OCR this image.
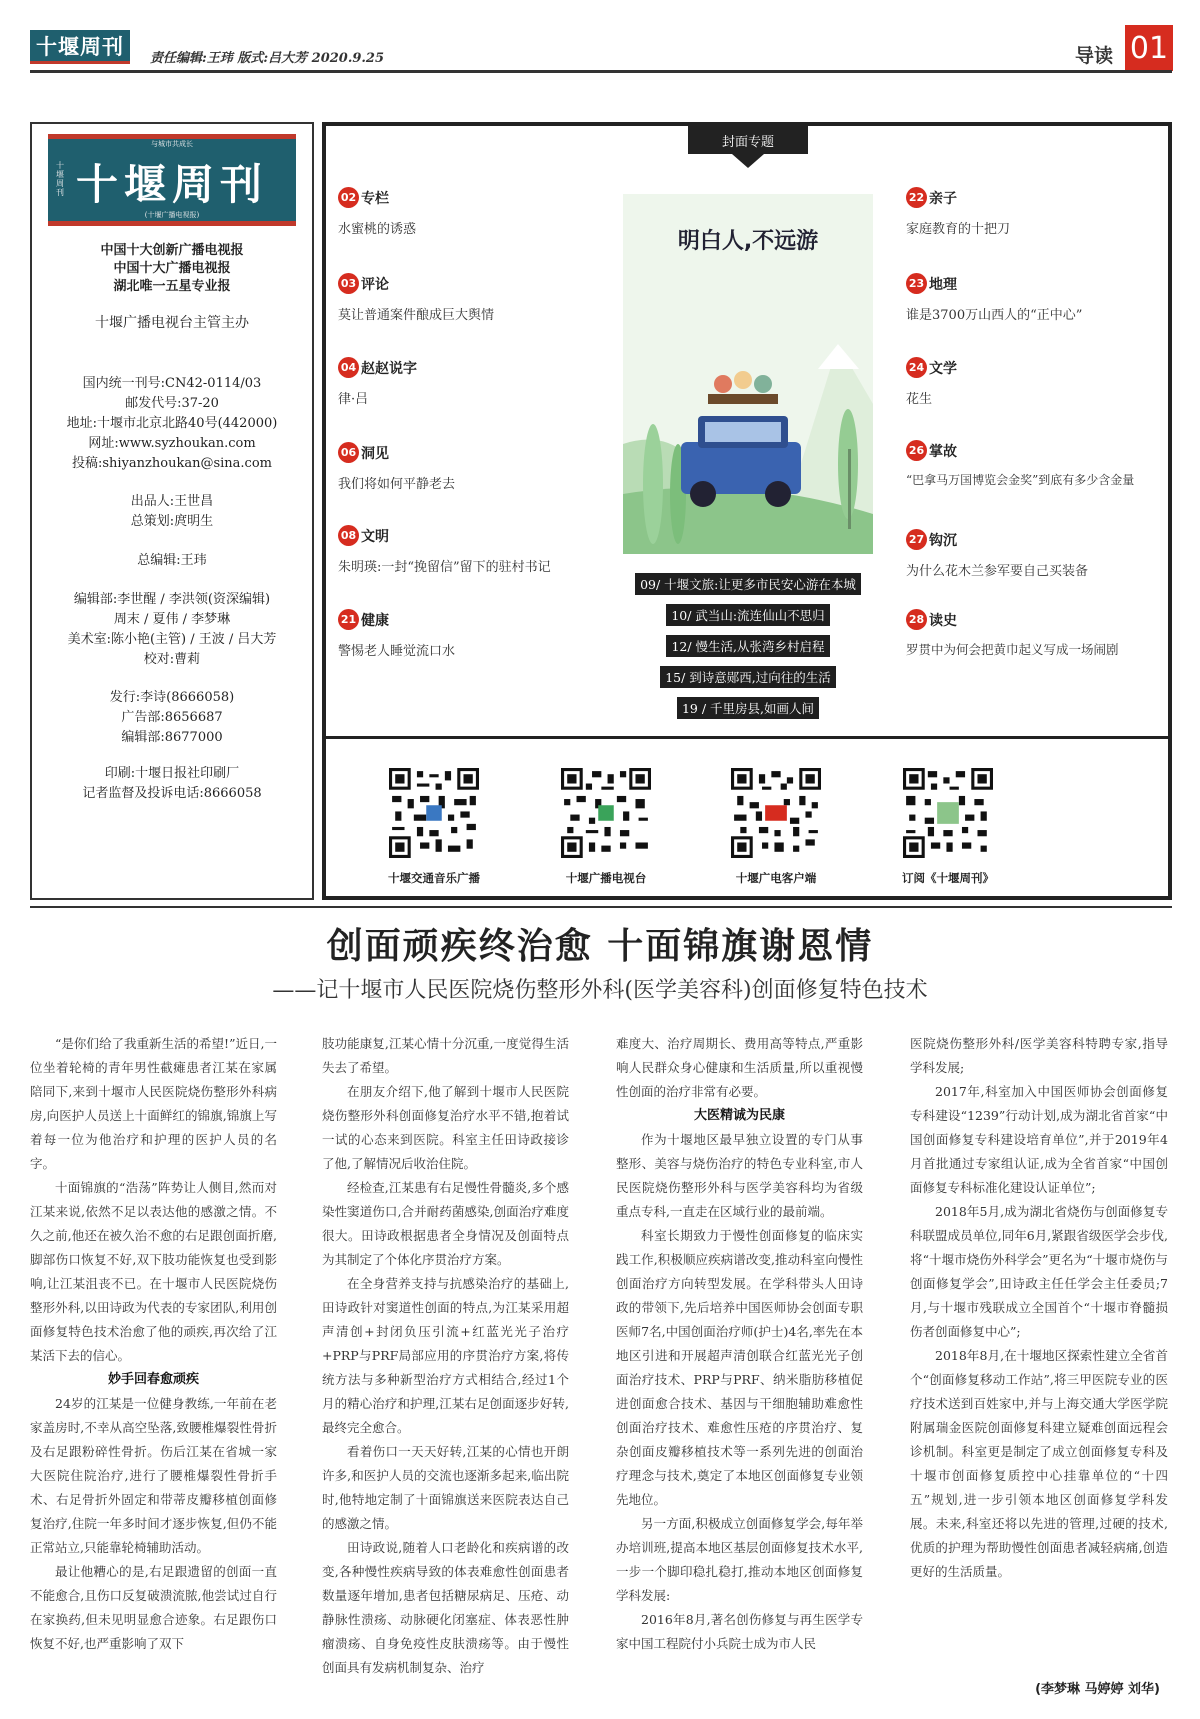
十堰周刊	责任编辑:王玮 版式:吕大芳 2020.9.25	导读 01
与城市共成长
十堰周刊 十堰周刊
(十堰广播电视报)
中国十大创新广播电视报
中国十大广播电视报
湖北唯一五星专业报
十堰广播电视台主管主办
国内统一刊号:CN42-0114/03
邮发代号:37-20
地址:十堰市北京北路40号(442000)
网址:www.syzhoukan.com
投稿:shiyanzhoukan@sina.com
出品人:王世昌
总策划:庹明生
总编辑:王玮
编辑部:李世醒 / 李洪领(资深编辑)
周末 / 夏伟 / 李梦琳
美术室:陈小艳(主管) / 王波 / 吕大芳
校对:曹莉
发行:李诗(8666058)
广告部:8656687
编辑部:8677000
印刷:十堰日报社印刷厂
记者监督及投诉电话:8666058
封面专题
02 专栏
水蜜桃的诱惑
03 评论
莫让普通案件酿成巨大舆情
04 赵赵说字
律·吕
06 洞见
我们将如何平静老去
08 文明
朱明瑛:一封“挽留信”留下的驻村书记
21 健康
警惕老人睡觉流口水
明白人,不远游
09/ 十堰文旅:让更多市民安心游在本城
10/ 武当山:流连仙山不思归
12/ 慢生活,从张湾乡村启程
15/ 到诗意郧西,过向往的生活
19 / 千里房县,如画人间
22 亲子
家庭教育的十把刀
23 地理
谁是3700万山西人的“正中心”
24 文学
花生
26 掌故
“巴拿马万国博览会金奖”到底有多少含金量
27 钩沉
为什么花木兰参军要自己买装备
28 读史
罗贯中为何会把黄巾起义写成一场闹剧
十堰交通音乐广播	十堰广播电视台	十堰广电客户端	订阅《十堰周刊》
创面顽疾终治愈 十面锦旗谢恩情
——记十堰市人民医院烧伤整形外科(医学美容科)创面修复特色技术

“是你们给了我重新生活的希望!”近日,一位坐着轮椅的青年男性截瘫患者江某在家属陪同下,来到十堰市人民医院烧伤整形外科病房,向医护人员送上十面鲜红的锦旗,锦旗上写着每一位为他治疗和护理的医护人员的名字。

十面锦旗的“浩荡”阵势让人侧目,然而对江某来说,依然不足以表达他的感激之情。不久之前,他还在被久治不愈的右足跟创面折磨,脚部伤口恢复不好,双下肢功能恢复也受到影响,让江某沮丧不已。在十堰市人民医院烧伤整形外科,以田诗政为代表的专家团队,利用创面修复特色技术治愈了他的顽疾,再次给了江某活下去的信心。

妙手回春愈顽疾

24岁的江某是一位健身教练,一年前在老家盖房时,不幸从高空坠落,致腰椎爆裂性骨折及右足跟粉碎性骨折。伤后江某在省城一家大医院住院治疗,进行了腰椎爆裂性骨折手术、右足骨折外固定和带蒂皮瓣移植创面修复治疗,住院一年多时间才逐步恢复,但仍不能正常站立,只能靠轮椅辅助活动。

最让他糟心的是,右足跟遗留的创面一直不能愈合,且伤口反复破溃流脓,他尝试过自行在家换药,但未见明显愈合迹象。右足跟伤口恢复不好,也严重影响了双下

肢功能康复,江某心情十分沉重,一度觉得生活失去了希望。

在朋友介绍下,他了解到十堰市人民医院烧伤整形外科创面修复治疗水平不错,抱着试一试的心态来到医院。科室主任田诗政接诊了他,了解情况后收治住院。

经检查,江某患有右足慢性骨髓炎,多个感染性窦道伤口,合并耐药菌感染,创面治疗难度很大。田诗政根据患者全身情况及创面特点为其制定了个体化序贯治疗方案。

在全身营养支持与抗感染治疗的基础上,田诗政针对窦道性创面的特点,为江某采用超声清创+封闭负压引流+红蓝光光子治疗+PRP与PRF局部应用的序贯治疗方案,将传统方法与多种新型治疗方式相结合,经过1个月的精心治疗和护理,江某右足创面逐步好转,最终完全愈合。

看着伤口一天天好转,江某的心情也开朗许多,和医护人员的交流也逐渐多起来,临出院时,他特地定制了十面锦旗送来医院表达自己的感激之情。

田诗政说,随着人口老龄化和疾病谱的改变,各种慢性疾病导致的体表难愈性创面患者数量逐年增加,患者包括糖尿病足、压疮、动静脉性溃疡、动脉硬化闭塞症、体表恶性肿瘤溃疡、自身免疫性皮肤溃疡等。由于慢性创面具有发病机制复杂、治疗

难度大、治疗周期长、费用高等特点,严重影响人民群众身心健康和生活质量,所以重视慢性创面的治疗非常有必要。

大医精诚为民康

作为十堰地区最早独立设置的专门从事整形、美容与烧伤治疗的特色专业科室,市人民医院烧伤整形外科与医学美容科均为省级重点专科,一直走在区域行业的最前端。

科室长期致力于慢性创面修复的临床实践工作,积极顺应疾病谱改变,推动科室向慢性创面治疗方向转型发展。在学科带头人田诗政的带领下,先后培养中国医师协会创面专职医师7名,中国创面治疗师(护士)4名,率先在本地区引进和开展超声清创联合红蓝光光子创面治疗技术、PRP与PRF、纳米脂肪移植促进创面愈合技术、基因与干细胞辅助难愈性创面治疗技术、难愈性压疮的序贯治疗、复杂创面皮瓣移植技术等一系列先进的创面治疗理念与技术,奠定了本地区创面修复专业领先地位。

另一方面,积极成立创面修复学会,每年举办培训班,提高本地区基层创面修复技术水平,一步一个脚印稳扎稳打,推动本地区创面修复学科发展:

2016年8月,著名创伤修复与再生医学专家中国工程院付小兵院士成为市人民

医院烧伤整形外科/医学美容科特聘专家,指导学科发展;

2017年,科室加入中国医师协会创面修复专科建设“1239”行动计划,成为湖北省首家“中国创面修复专科建设培育单位”,并于2019年4月首批通过专家组认证,成为全省首家“中国创面修复专科标准化建设认证单位”;

2018年5月,成为湖北省烧伤与创面修复专科联盟成员单位,同年6月,紧跟省级医学会步伐,将“十堰市烧伤外科学会”更名为“十堰市烧伤与创面修复学会”,田诗政主任任学会主任委员;7月,与十堰市残联成立全国首个“十堰市脊髓损伤者创面修复中心”;

2018年8月,在十堰地区探索性建立全省首个“创面修复移动工作站”,将三甲医院专业的医疗技术送到百姓家中,并与上海交通大学医学院附属瑞金医院创面修复科建立疑难创面远程会诊机制。科室更是制定了成立创面修复专科及十堰市创面修复质控中心挂靠单位的“十四五”规划,进一步引领本地区创面修复学科发展。未来,科室还将以先进的管理,过硬的技术,优质的护理为帮助慢性创面患者减轻病痛,创造更好的生活质量。

(李梦琳 马婷婷 刘华)
